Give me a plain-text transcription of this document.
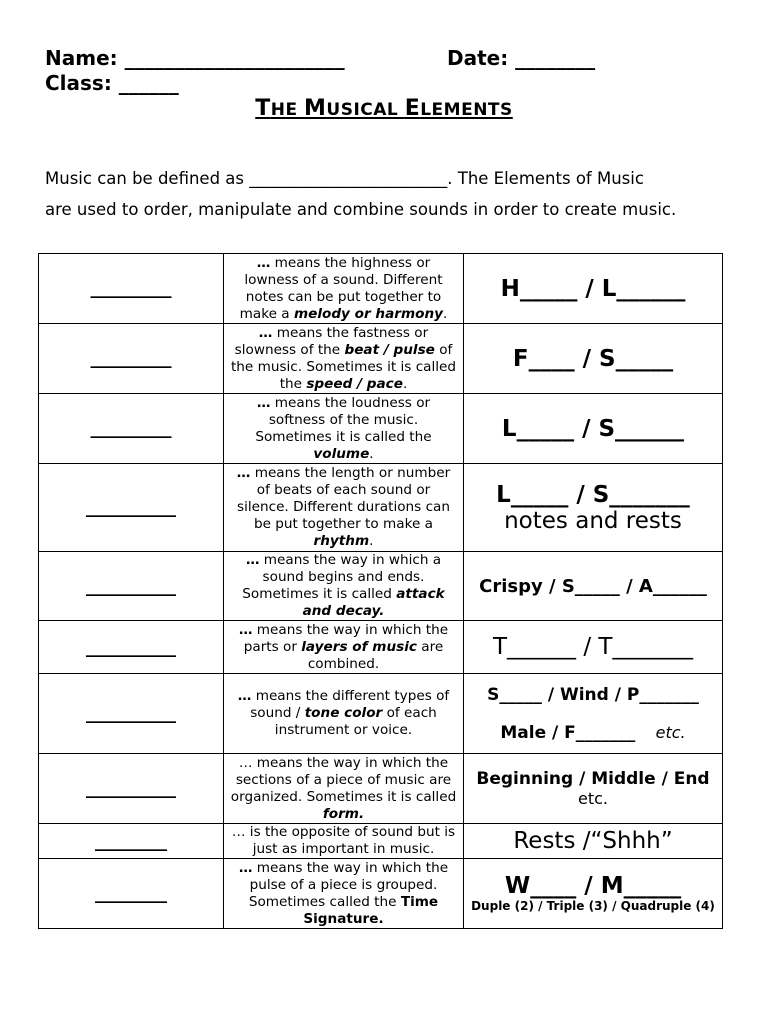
Name: ______________________	Date: ________
Class: ______
THE MUSICAL ELEMENTS
Music can be defined as ________________________. The Elements of Music
are used to order, manipulate and combine sounds in order to create music.
_________	… means the highness or lowness of a sound. Different notes can be put together to make a melody or harmony.	H_____ / L______
_________	… means the fastness or slowness of the beat / pulse of the music. Sometimes it is called the speed / pace.	F____ / S_____
_________	… means the loudness or softness of the music. Sometimes it is called the volume.	L_____ / S______
__________	… means the length or number of beats of each sound or silence. Different durations can be put together to make a rhythm.	L_____ / S_______
notes and rests

__________	… means the way in which a sound begins and ends. Sometimes it is called attack and decay.	Crispy / S_____ / A______
__________	… means the way in which the parts or layers of music are combined.	T______ / T_______
__________	… means the different types of sound / tone color of each instrument or voice.	S_____ / Wind / P_______
Male / F_______ etc.

__________	… means the way in which the sections of a piece of music are organized. Sometimes it is called form.	Beginning / Middle / End
etc.

________	… is the opposite of sound but is just as important in music.	Rests /“Shhh”
________	… means the way in which the pulse of a piece is grouped. Sometimes called the Time Signature.	W____ / M_____
Duple (2) / Triple (3) / Quadruple (4)
